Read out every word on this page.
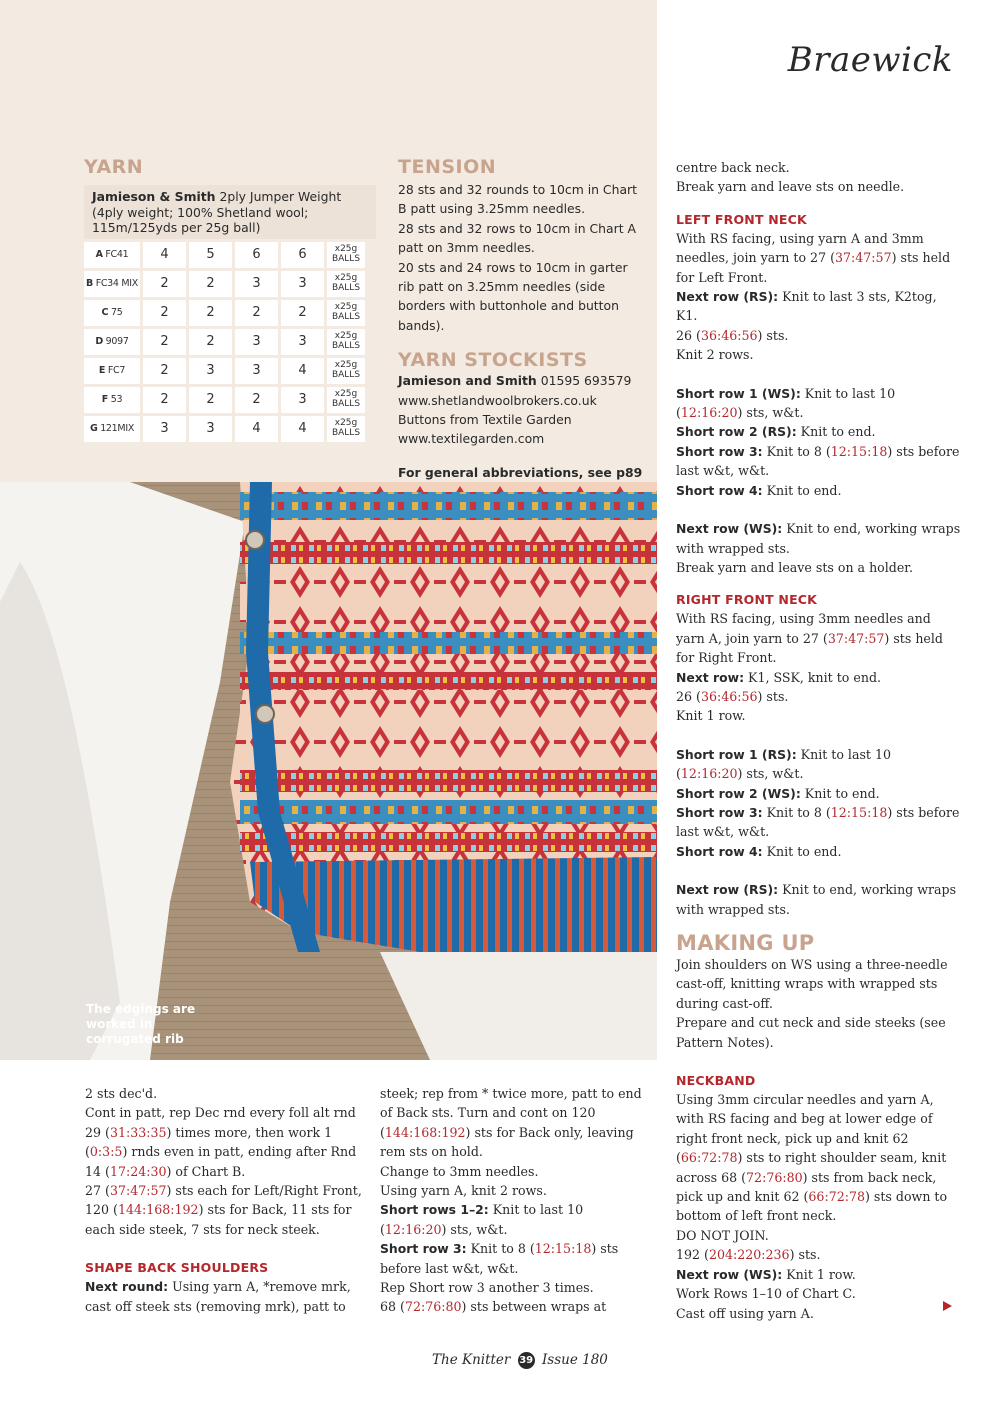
Braewick
YARN
Jamieson & Smith 2ply Jumper Weight (4ply weight; 100% Shetland wool; 115m/125yds per 25g ball)
A FC41	4	5	6	6	x25g
BALLS

B FC34 MIX	2	2	3	3	x25g
BALLS

C 75	2	2	2	2	x25g
BALLS

D 9097	2	2	3	3	x25g
BALLS

E FC7	2	3	3	4	x25g
BALLS

F 53	2	2	2	3	x25g
BALLS

G 121MIX	3	3	4	4	x25g
BALLS
TENSION
28 sts and 32 rounds to 10cm in Chart B patt using 3.25mm needles.
28 sts and 32 rows to 10cm in Chart A patt on 3mm needles.
20 sts and 24 rows to 10cm in garter rib patt on 3.25mm needles (side borders with buttonhole and button bands).
YARN STOCKISTS
Jamieson and Smith 01595 693579
www.shetlandwoolbrokers.co.uk
Buttons from Textile Garden
www.textilegarden.com
For general abbreviations, see p89
The edgings are worked in corrugated rib
centre back neck.
Break yarn and leave sts on needle.
LEFT FRONT NECK
With RS facing, using yarn A and 3mm needles, join yarn to 27 (37:47:57) sts held for Left Front.
Next row (RS): Knit to last 3 sts, K2tog, K1.
26 (36:46:56) sts.
Knit 2 rows.
Short row 1 (WS): Knit to last 10 (12:16:20) sts, w&t.
Short row 2 (RS): Knit to end.
Short row 3: Knit to 8 (12:15:18) sts before last w&t, w&t.
Short row 4: Knit to end.
Next row (WS): Knit to end, working wraps with wrapped sts.
Break yarn and leave sts on a holder.
RIGHT FRONT NECK
With RS facing, using 3mm needles and yarn A, join yarn to 27 (37:47:57) sts held for Right Front.
Next row: K1, SSK, knit to end.
26 (36:46:56) sts.
Knit 1 row.
Short row 1 (RS): Knit to last 10 (12:16:20) sts, w&t.
Short row 2 (WS): Knit to end.
Short row 3: Knit to 8 (12:15:18) sts before last w&t, w&t.
Short row 4: Knit to end.
Next row (RS): Knit to end, working wraps with wrapped sts.
MAKING UP
Join shoulders on WS using a three-needle cast-off, knitting wraps with wrapped sts during cast-off.
Prepare and cut neck and side steeks (see Pattern Notes).
NECKBAND
Using 3mm circular needles and yarn A, with RS facing and beg at lower edge of right front neck, pick up and knit 62 (66:72:78) sts to right shoulder seam, knit across 68 (72:76:80) sts from back neck, pick up and knit 62 (66:72:78) sts down to bottom of left front neck.
DO NOT JOIN.
192 (204:220:236) sts.
Next row (WS): Knit 1 row.
Work Rows 1–10 of Chart C.
Cast off using yarn A.
2 sts dec'd.
Cont in patt, rep Dec rnd every foll alt rnd 29 (31:33:35) times more, then work 1 (0:3:5) rnds even in patt, ending after Rnd 14 (17:24:30) of Chart B.
27 (37:47:57) sts each for Left/Right Front, 120 (144:168:192) sts for Back, 11 sts for each side steek, 7 sts for neck steek.
SHAPE BACK SHOULDERS
Next round: Using yarn A, *remove mrk, cast off steek sts (removing mrk), patt to
steek; rep from * twice more, patt to end of Back sts. Turn and cont on 120 (144:168:192) sts for Back only, leaving rem sts on hold.
Change to 3mm needles.
Using yarn A, knit 2 rows.
Short rows 1–2: Knit to last 10 (12:16:20) sts, w&t.
Short row 3: Knit to 8 (12:15:18) sts before last w&t, w&t.
Rep Short row 3 another 3 times.
68 (72:76:80) sts between wraps at
The Knitter 39 Issue 180
